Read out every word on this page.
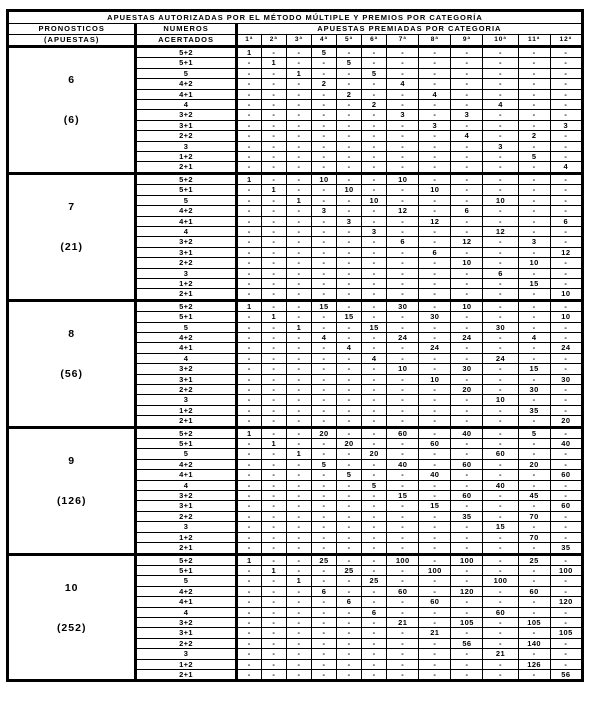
APUESTAS AUTORIZADAS POR EL MÉTODO MÚLTIPLE Y PREMIOS POR CATEGORÍA													
PRONOSTICOS	NUMEROS	APUESTAS PREMIADAS POR CATEGORIA											
(APUESTAS)	ACERTADOS	1ª	2ª	3ª	4ª	5ª	6ª	7ª	8ª	9ª	10ª	11ª	12ª

6
(6)	5+2	1	-	-	5	-	-	-	-	-	-	-	-
	5+1	-	1	-	-	5	-	-	-	-	-	-	-
	5	-	-	1	-	-	5	-	-	-	-	-	-
	4+2	-	-	-	2	-	-	4	-	-	-	-	-
	4+1	-	-	-	-	2	-	-	4	-	-	-	-
	4	-	-	-	-	-	2	-	-	-	4	-	-
	3+2	-	-	-	-	-	-	3	-	3	-	-	-
	3+1	-	-	-	-	-	-	-	3	-	-	-	3
	2+2	-	-	-	-	-	-	-	-	4	-	2	-
	3	-	-	-	-	-	-	-	-	-	3	-	-
	1+2	-	-	-	-	-	-	-	-	-	-	5	-
	2+1	-	-	-	-	-	-	-	-	-	-	-	4

7
(21)	5+2	1	-	-	10	-	-	10	-	-	-	-	-
	5+1	-	1	-	-	10	-	-	10	-	-	-	-
	5	-	-	1	-	-	10	-	-	-	10	-	-
	4+2	-	-	-	3	-	-	12	-	6	-	-	-
	4+1	-	-	-	-	3	-	-	12	-	-	-	6
	4	-	-	-	-	-	3	-	-	-	12	-	-
	3+2	-	-	-	-	-	-	6	-	12	-	3	-
	3+1	-	-	-	-	-	-	-	6	-	-	-	12
	2+2	-	-	-	-	-	-	-	-	10	-	10	-
	3	-	-	-	-	-	-	-	-	-	6	-	-
	1+2	-	-	-	-	-	-	-	-	-	-	15	-
	2+1	-	-	-	-	-	-	-	-	-	-	-	10

8
(56)	5+2	1	-	-	15	-	-	30	-	10	-	-	-
	5+1	-	1	-	-	15	-	-	30	-	-	-	10
	5	-	-	1	-	-	15	-	-	-	30	-	-
	4+2	-	-	-	4	-	-	24	-	24	-	4	-
	4+1	-	-	-	-	4	-	-	24	-	-	-	24
	4	-	-	-	-	-	4	-	-	-	24	-	-
	3+2	-	-	-	-	-	-	10	-	30	-	15	-
	3+1	-	-	-	-	-	-	-	10	-	-	-	30
	2+2	-	-	-	-	-	-	-	-	20	-	30	-
	3	-	-	-	-	-	-	-	-	-	10	-	-
	1+2	-	-	-	-	-	-	-	-	-	-	35	-
	2+1	-	-	-	-	-	-	-	-	-	-	-	20

9
(126)	5+2	1	-	-	20	-	-	60	-	40	-	5	-
	5+1	-	1	-	-	20	-	-	60	-	-	-	40
	5	-	-	1	-	-	20	-	-	-	60	-	-
	4+2	-	-	-	5	-	-	40	-	60	-	20	-
	4+1	-	-	-	-	5	-	-	40	-	-	-	60
	4	-	-	-	-	-	5	-	-	-	40	-	-
	3+2	-	-	-	-	-	-	15	-	60	-	45	-
	3+1	-	-	-	-	-	-	-	15	-	-	-	60
	2+2	-	-	-	-	-	-	-	-	35	-	70	-
	3	-	-	-	-	-	-	-	-	-	15	-	-
	1+2	-	-	-	-	-	-	-	-	-	-	70	-
	2+1	-	-	-	-	-	-	-	-	-	-	-	35

10
(252)	5+2	1	-	-	25	-	-	100	-	100	-	25	-
	5+1	-	1	-	-	25	-	-	100	-	-	-	100
	5	-	-	1	-	-	25	-	-	-	100	-	-
	4+2	-	-	-	6	-	-	60	-	120	-	60	-
	4+1	-	-	-	-	6	-	-	60	-	-	-	120
	4	-	-	-	-	-	6	-	-	-	60	-	-
	3+2	-	-	-	-	-	-	21	-	105	-	105	-
	3+1	-	-	-	-	-	-	-	21	-	-	-	105
	2+2	-	-	-	-	-	-	-	-	56	-	140	-
	3	-	-	-	-	-	-	-	-	-	21	-	-
	1+2	-	-	-	-	-	-	-	-	-	-	126	-
	2+1	-	-	-	-	-	-	-	-	-	-	-	56
